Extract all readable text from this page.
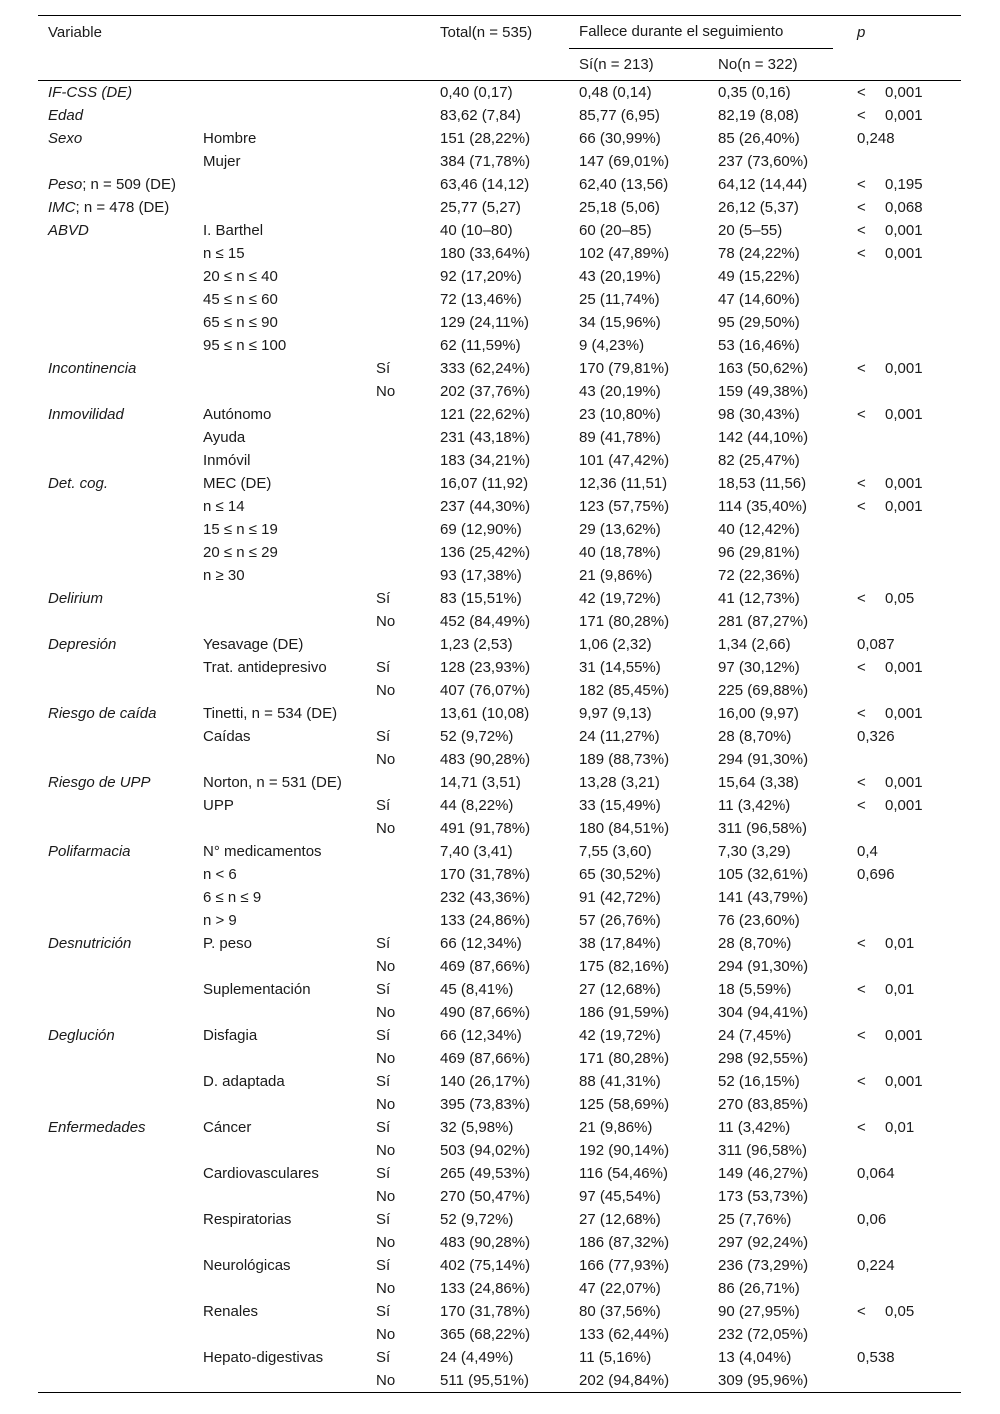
Variable			Total(n = 535)	Fallece durante el seguimiento		p
				Sí(n = 213)	No(n = 322)	
IF-CSS (DE)			0,40 (0,17)	0,48 (0,14)	0,35 (0,16)	< 0,001
Edad			83,62 (7,84)	85,77 (6,95)	82,19 (8,08)	< 0,001
Sexo	Hombre		151 (28,22%)	66 (30,99%)	85 (26,40%)	0,248
	Mujer		384 (71,78%)	147 (69,01%)	237 (73,60%)	
Peso; n = 509 (DE)			63,46 (14,12)	62,40 (13,56)	64,12 (14,44)	< 0,195
IMC; n = 478 (DE)			25,77 (5,27)	25,18 (5,06)	26,12 (5,37)	< 0,068
ABVD	I. Barthel		40 (10–80)	60 (20–85)	20 (5–55)	< 0,001
	n ≤ 15		180 (33,64%)	102 (47,89%)	78 (24,22%)	< 0,001
	20 ≤ n ≤ 40		92 (17,20%)	43 (20,19%)	49 (15,22%)	
	45 ≤ n ≤ 60		72 (13,46%)	25 (11,74%)	47 (14,60%)	
	65 ≤ n ≤ 90		129 (24,11%)	34 (15,96%)	95 (29,50%)	
	95 ≤ n ≤ 100		62 (11,59%)	9 (4,23%)	53 (16,46%)	
Incontinencia		Sí	333 (62,24%)	170 (79,81%)	163 (50,62%)	< 0,001
		No	202 (37,76%)	43 (20,19%)	159 (49,38%)	
Inmovilidad	Autónomo		121 (22,62%)	23 (10,80%)	98 (30,43%)	< 0,001
	Ayuda		231 (43,18%)	89 (41,78%)	142 (44,10%)	
	Inmóvil		183 (34,21%)	101 (47,42%)	82 (25,47%)	
Det. cog.	MEC (DE)		16,07 (11,92)	12,36 (11,51)	18,53 (11,56)	< 0,001
	n ≤ 14		237 (44,30%)	123 (57,75%)	114 (35,40%)	< 0,001
	15 ≤ n ≤ 19		69 (12,90%)	29 (13,62%)	40 (12,42%)	
	20 ≤ n ≤ 29		136 (25,42%)	40 (18,78%)	96 (29,81%)	
	n ≥ 30		93 (17,38%)	21 (9,86%)	72 (22,36%)	
Delirium		Sí	83 (15,51%)	42 (19,72%)	41 (12,73%)	< 0,05
		No	452 (84,49%)	171 (80,28%)	281 (87,27%)	
Depresión	Yesavage (DE)		1,23 (2,53)	1,06 (2,32)	1,34 (2,66)	0,087
	Trat. antidepresivo	Sí	128 (23,93%)	31 (14,55%)	97 (30,12%)	< 0,001
		No	407 (76,07%)	182 (85,45%)	225 (69,88%)	
Riesgo de caída	Tinetti, n = 534 (DE)		13,61 (10,08)	9,97 (9,13)	16,00 (9,97)	< 0,001
	Caídas	Sí	52 (9,72%)	24 (11,27%)	28 (8,70%)	0,326
		No	483 (90,28%)	189 (88,73%)	294 (91,30%)	
Riesgo de UPP	Norton, n = 531 (DE)		14,71 (3,51)	13,28 (3,21)	15,64 (3,38)	< 0,001
	UPP	Sí	44 (8,22%)	33 (15,49%)	11 (3,42%)	< 0,001
		No	491 (91,78%)	180 (84,51%)	311 (96,58%)	
Polifarmacia	N° medicamentos		7,40 (3,41)	7,55 (3,60)	7,30 (3,29)	0,4
	n < 6		170 (31,78%)	65 (30,52%)	105 (32,61%)	0,696
	6 ≤ n ≤ 9		232 (43,36%)	91 (42,72%)	141 (43,79%)	
	n > 9		133 (24,86%)	57 (26,76%)	76 (23,60%)	
Desnutrición	P. peso	Sí	66 (12,34%)	38 (17,84%)	28 (8,70%)	< 0,01
		No	469 (87,66%)	175 (82,16%)	294 (91,30%)	
	Suplementación	Sí	45 (8,41%)	27 (12,68%)	18 (5,59%)	< 0,01
		No	490 (87,66%)	186 (91,59%)	304 (94,41%)	
Deglución	Disfagia	Sí	66 (12,34%)	42 (19,72%)	24 (7,45%)	< 0,001
		No	469 (87,66%)	171 (80,28%)	298 (92,55%)	
	D. adaptada	Sí	140 (26,17%)	88 (41,31%)	52 (16,15%)	< 0,001
		No	395 (73,83%)	125 (58,69%)	270 (83,85%)	
Enfermedades	Cáncer	Sí	32 (5,98%)	21 (9,86%)	11 (3,42%)	< 0,01
		No	503 (94,02%)	192 (90,14%)	311 (96,58%)	
	Cardiovasculares	Sí	265 (49,53%)	116 (54,46%)	149 (46,27%)	0,064
		No	270 (50,47%)	97 (45,54%)	173 (53,73%)	
	Respiratorias	Sí	52 (9,72%)	27 (12,68%)	25 (7,76%)	0,06
		No	483 (90,28%)	186 (87,32%)	297 (92,24%)	
	Neurológicas	Sí	402 (75,14%)	166 (77,93%)	236 (73,29%)	0,224
		No	133 (24,86%)	47 (22,07%)	86 (26,71%)	
	Renales	Sí	170 (31,78%)	80 (37,56%)	90 (27,95%)	< 0,05
		No	365 (68,22%)	133 (62,44%)	232 (72,05%)	
	Hepato-digestivas	Sí	24 (4,49%)	11 (5,16%)	13 (4,04%)	0,538
		No	511 (95,51%)	202 (94,84%)	309 (95,96%)	
